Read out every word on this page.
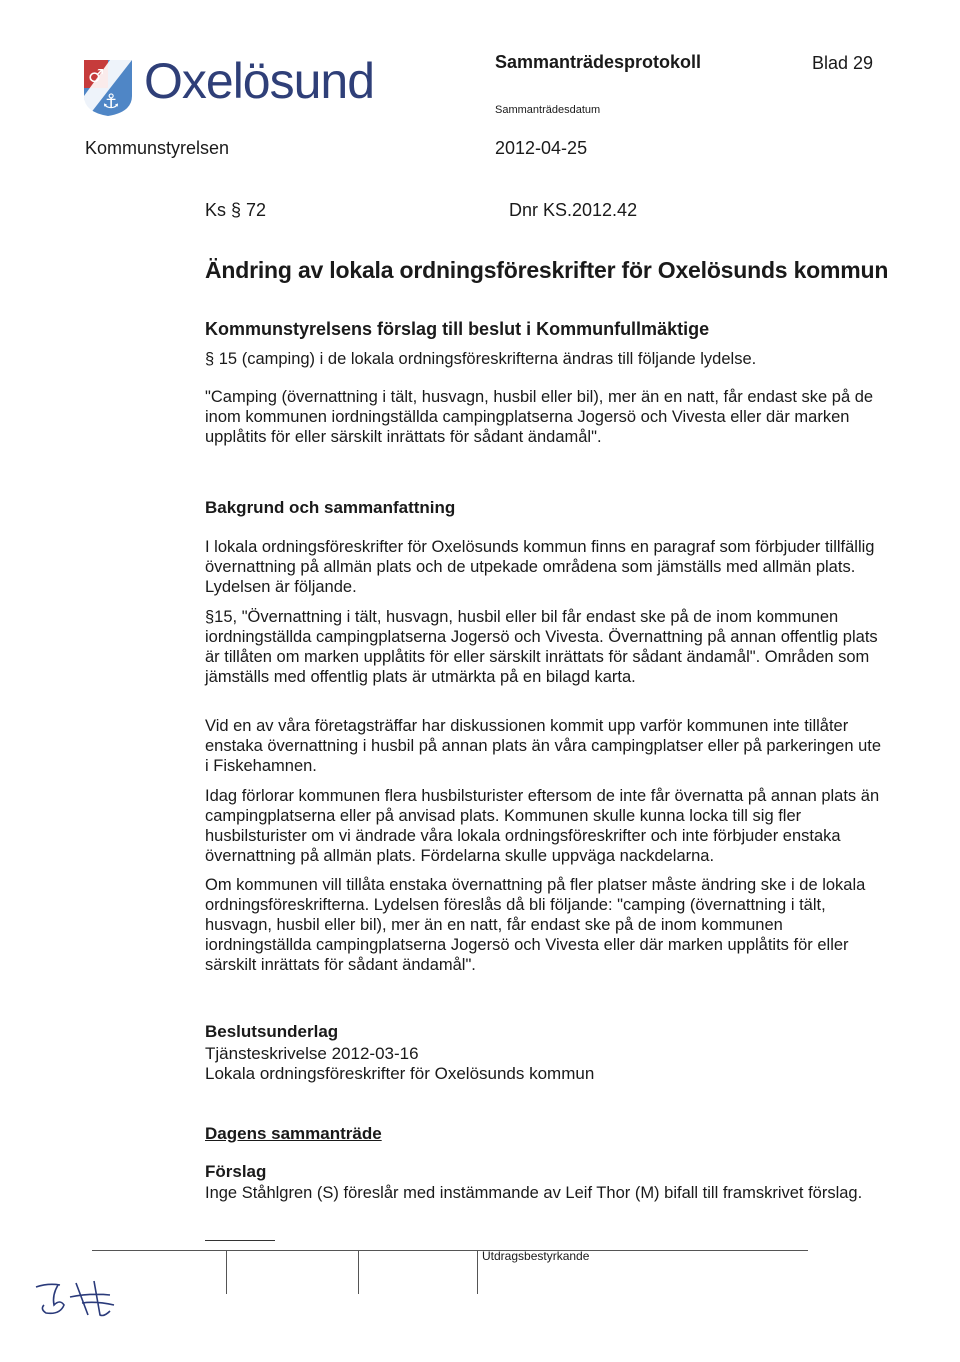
♂
⚓ Oxelösund	Sammanträdesprotokoll	Blad 29
Sammanträdesdatum
Kommunstyrelsen	2012-04-25
Ks § 72	Dnr KS.2012.42
Ändring av lokala ordningsföreskrifter för Oxelösunds kommun
Kommunstyrelsens förslag till beslut i Kommunfullmäktige
§ 15 (camping) i de lokala ordningsföreskrifterna ändras till följande lydelse.
"Camping (övernattning i tält, husvagn, husbil eller bil), mer än en natt, får endast ske på de inom kommunen iordningställda campingplatserna Jogersö och Vivesta eller där marken upplåtits för eller särskilt inrättats för sådant ändamål".
Bakgrund och sammanfattning
I lokala ordningsföreskrifter för Oxelösunds kommun finns en paragraf som förbjuder tillfällig övernattning på allmän plats och de utpekade områdena som jämställs med allmän plats. Lydelsen är följande.
§15, "Övernattning i tält, husvagn, husbil eller bil får endast ske på de inom kommunen iordningställda campingplatserna Jogersö och Vivesta. Övernattning på annan offentlig plats är tillåten om marken upplåtits för eller särskilt inrättats för sådant ändamål". Områden som jämställs med offentlig plats är utmärkta på en bilagd karta.
Vid en av våra företagsträffar har diskussionen kommit upp varför kommunen inte tillåter enstaka övernattning i husbil på annan plats än våra campingplatser eller på parkeringen ute i Fiskehamnen.
Idag förlorar kommunen flera husbilsturister eftersom de inte får övernatta på annan plats än campingplatserna eller på anvisad plats. Kommunen skulle kunna locka till sig fler husbilsturister om vi ändrade våra lokala ordningsföreskrifter och inte förbjuder enstaka övernattning på allmän plats. Fördelarna skulle uppväga nackdelarna.
Om kommunen vill tillåta enstaka övernattning på fler platser måste ändring ske i de lokala ordningsföreskrifterna. Lydelsen föreslås då bli följande: "camping (övernattning i tält, husvagn, husbil eller bil), mer än en natt, får endast ske på de inom kommunen iordningställda campingplatserna Jogersö och Vivesta eller där marken upplåtits för eller särskilt inrättats för sådant ändamål".
Beslutsunderlag
Tjänsteskrivelse 2012-03-16
Lokala ordningsföreskrifter för Oxelösunds kommun
Dagens sammanträde
Förslag
Inge Ståhlgren (S) föreslår med instämmande av Leif Thor (M) bifall till framskrivet förslag.
Utdragsbestyrkande
